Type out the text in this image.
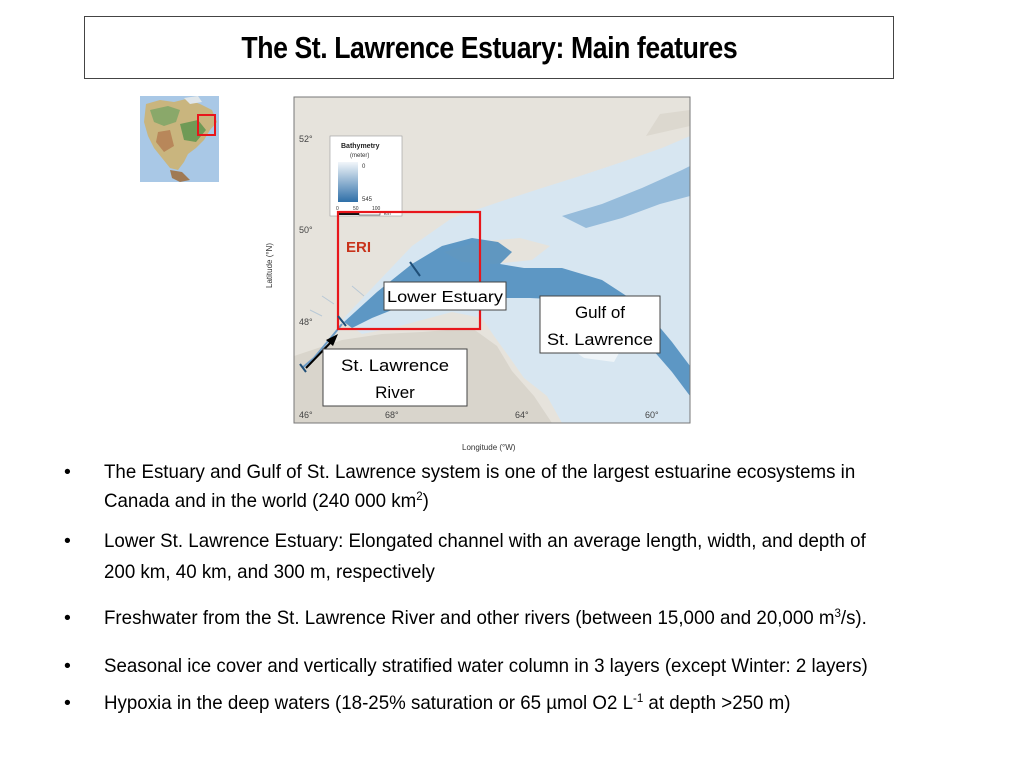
The St. Lawrence Estuary: Main features
52°
50°
48°
46°	68°	64°	60°
Latitude (°N)
Longitude (°W)
Bathymetry
(meter)
0
545
0	50	100
km
ERI
Lower Estuary
Gulf of
St. Lawrence
St. Lawrence
River
• The Estuary and Gulf of St. Lawrence system is one of the largest estuarine ecosystems in
Canada and in the world (240 000 $km^2$)
• Lower St. Lawrence Estuary: Elongated channel with an average length, width, and depth of
200 km, 40 km, and 300 m, respectively
• Freshwater from the St. Lawrence River and other rivers (between 15,000 and 20,000 $m^3/s$).
• Seasonal ice cover and vertically stratified water column in 3 layers (except Winter: 2 layers)
• Hypoxia in the deep waters (18-25% saturation or 65 µmol O2 $L^{-1}$ at depth >250 m)
